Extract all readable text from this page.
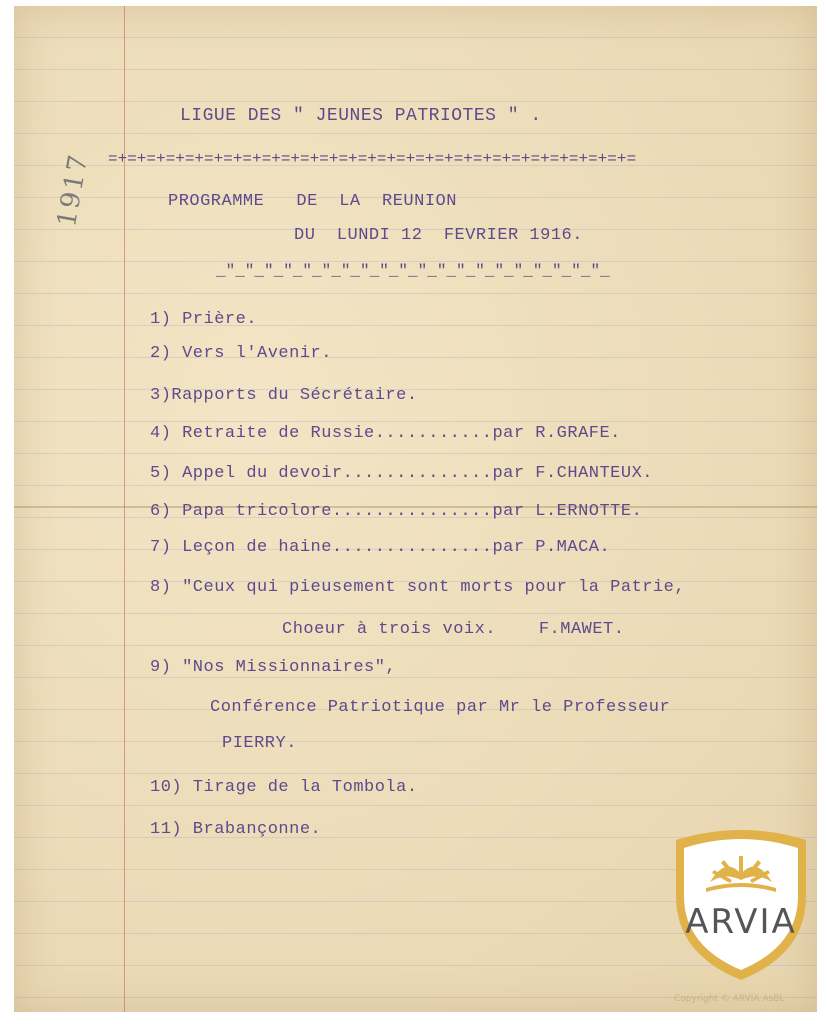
1917
LIGUE DES " JEUNES PATRIOTES " .
=+=+=+=+=+=+=+=+=+=+=+=+=+=+=+=+=+=+=+=+=+=+=+=+=+=+=+=
PROGRAMME   DE  LA  REUNION
DU  LUNDI 12  FEVRIER 1916.
_"_"_"_"_"_"_"_"_"_"_"_"_"_"_"_"_"_"_"_"_
1) Prière.
2) Vers l'Avenir.
3)Rapports du Sécrétaire.
4) Retraite de Russie...........par R.GRAFE.
5) Appel du devoir..............par F.CHANTEUX.
6) Papa tricolore...............par L.ERNOTTE.
7) Leçon de haine...............par P.MACA.
8) "Ceux qui pieusement sont morts pour la Patrie,
Choeur à trois voix.    F.MAWET.
9) "Nos Missionnaires",
Conférence Patriotique par Mr le Professeur
PIERRY.
10) Tirage de la Tombola.
11) Brabançonne.
ARVIA
Copyright © ARVIA AsBL
